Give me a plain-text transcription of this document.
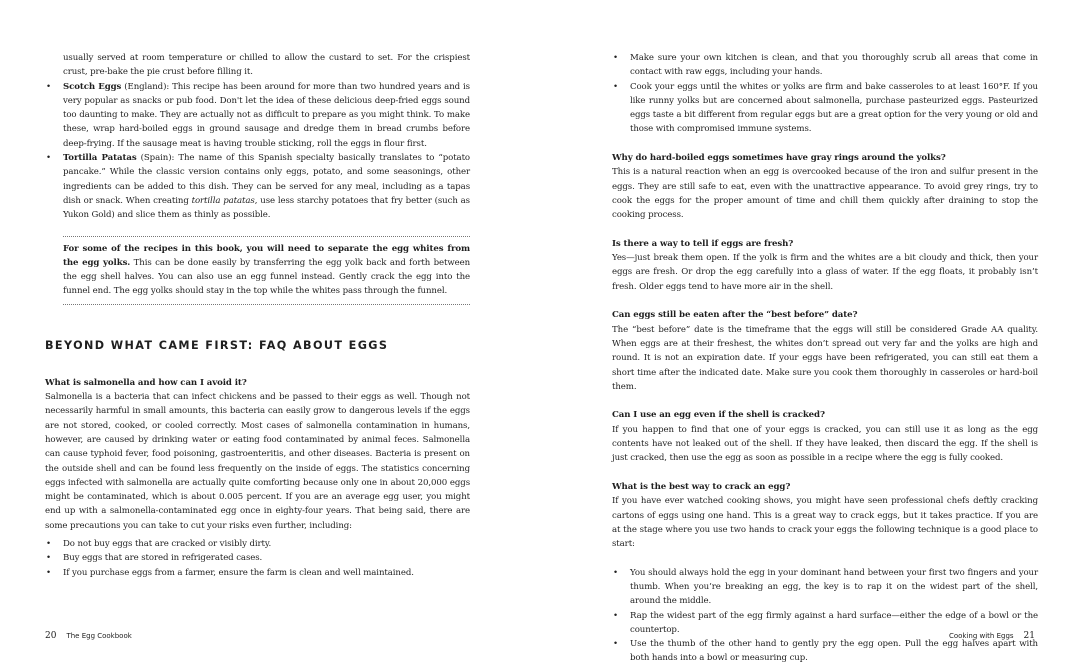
usually served at room temperature or chilled to allow the custard to set. For the crispiest crust, pre-bake the pie crust before filling it.

• Scotch Eggs (England): This recipe has been around for more than two hundred years and is very popular as snacks or pub food. Don't let the idea of these delicious deep-fried eggs sound too daunting to make. They are actually not as difficult to prepare as you might think. To make these, wrap hard-boiled eggs in ground sausage and dredge them in bread crumbs before deep-frying. If the sausage meat is having trouble sticking, roll the eggs in flour first.
• Tortilla Patatas (Spain): The name of this Spanish specialty basically translates to “potato pancake.” While the classic version contains only eggs, potato, and some seasonings, other ingredients can be added to this dish. They can be served for any meal, including as a tapas dish or snack. When creating tortilla patatas, use less starchy potatoes that fry better (such as Yukon Gold) and slice them as thinly as possible.

For some of the recipes in this book, you will need to separate the egg whites from the egg yolks. This can be done easily by transferring the egg yolk back and forth between the egg shell halves. You can also use an egg funnel instead. Gently crack the egg into the funnel end. The egg yolks should stay in the top while the whites pass through the funnel.

BEYOND WHAT CAME FIRST: FAQ ABOUT EGGS

What is salmonella and how can I avoid it?

Salmonella is a bacteria that can infect chickens and be passed to their eggs as well. Though not necessarily harmful in small amounts, this bacteria can easily grow to dangerous levels if the eggs are not stored, cooked, or cooled correctly. Most cases of salmonella contamination in humans, however, are caused by drinking water or eating food contaminated by animal feces. Salmonella can cause typhoid fever, food poisoning, gastroenteritis, and other diseases. Bacteria is present on the outside shell and can be found less frequently on the inside of eggs. The statistics concerning eggs infected with salmonella are actually quite comforting because only one in about 20,000 eggs might be contaminated, which is about 0.005 percent. If you are an average egg user, you might end up with a salmonella-contaminated egg once in eighty-four years. That being said, there are some precautions you can take to cut your risks even further, including:

• Do not buy eggs that are cracked or visibly dirty.
• Buy eggs that are stored in refrigerated cases.
• If you purchase eggs from a farmer, ensure the farm is clean and well maintained.
20 The Egg Cookbook
• Make sure your own kitchen is clean, and that you thoroughly scrub all areas that come in contact with raw eggs, including your hands.
• Cook your eggs until the whites or yolks are firm and bake casseroles to at least 160°F. If you like runny yolks but are concerned about salmonella, purchase pasteurized eggs. Pasteurized eggs taste a bit different from regular eggs but are a great option for the very young or old and those with compromised immune systems.

Why do hard-boiled eggs sometimes have gray rings around the yolks?

This is a natural reaction when an egg is overcooked because of the iron and sulfur present in the eggs. They are still safe to eat, even with the unattractive appearance. To avoid grey rings, try to cook the eggs for the proper amount of time and chill them quickly after draining to stop the cooking process.

Is there a way to tell if eggs are fresh?

Yes—just break them open. If the yolk is firm and the whites are a bit cloudy and thick, then your eggs are fresh. Or drop the egg carefully into a glass of water. If the egg floats, it probably isn’t fresh. Older eggs tend to have more air in the shell.

Can eggs still be eaten after the “best before” date?

The “best before” date is the timeframe that the eggs will still be considered Grade AA quality. When eggs are at their freshest, the whites don’t spread out very far and the yolks are high and round. It is not an expiration date. If your eggs have been refrigerated, you can still eat them a short time after the indicated date. Make sure you cook them thoroughly in casseroles or hard-boil them.

Can I use an egg even if the shell is cracked?

If you happen to find that one of your eggs is cracked, you can still use it as long as the egg contents have not leaked out of the shell. If they have leaked, then discard the egg. If the shell is just cracked, then use the egg as soon as possible in a recipe where the egg is fully cooked.

What is the best way to crack an egg?

If you have ever watched cooking shows, you might have seen professional chefs deftly cracking cartons of eggs using one hand. This is a great way to crack eggs, but it takes practice. If you are at the stage where you use two hands to crack your eggs the following technique is a good place to start:

• You should always hold the egg in your dominant hand between your first two fingers and your thumb. When you’re breaking an egg, the key is to rap it on the widest part of the shell, around the middle.
• Rap the widest part of the egg firmly against a hard surface—either the edge of a bowl or the countertop.
• Use the thumb of the other hand to gently pry the egg open. Pull the egg halves apart with both hands into a bowl or measuring cup.
Cooking with Eggs 21
